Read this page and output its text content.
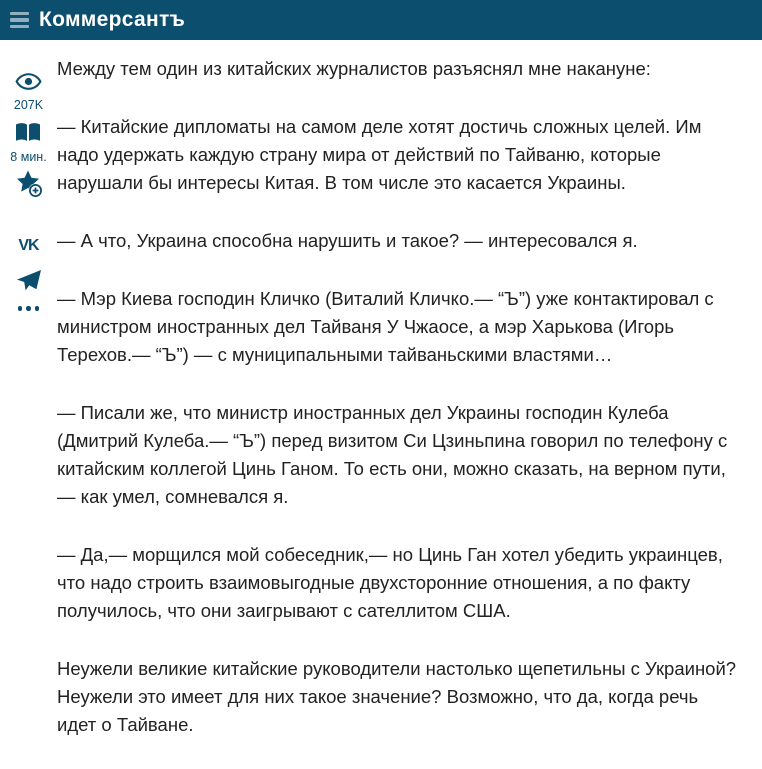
Коммерсантъ
207K
8 мин.
VK

Между тем один из китайских журналистов разъяснял мне накануне:

— Китайские дипломаты на самом деле хотят достичь сложных целей. Им надо удержать каждую страну мира от действий по Тайваню, которые нарушали бы интересы Китая. В том числе это касается Украины.

— А что, Украина способна нарушить и такое? — интересовался я.

— Мэр Киева господин Кличко (Виталий Кличко.— “Ъ”) уже контактировал с министром иностранных дел Тайваня У Чжаосе, а мэр Харькова (Игорь Терехов.— “Ъ”) — с муниципальными тайваньскими властями…

— Писали же, что министр иностранных дел Украины господин Кулеба (Дмитрий Кулеба.— “Ъ”) перед визитом Си Цзиньпина говорил по телефону с китайским коллегой Цинь Ганом. То есть они, можно сказать, на верном пути,— как умел, сомневался я.

— Да,— морщился мой собеседник,— но Цинь Ган хотел убедить украинцев, что надо строить взаимовыгодные двухсторонние отношения, а по факту получилось, что они заигрывают с сателлитом США.

Неужели великие китайские руководители настолько щепетильны с Украиной? Неужели это имеет для них такое значение? Возможно, что да, когда речь идет о Тайване.
